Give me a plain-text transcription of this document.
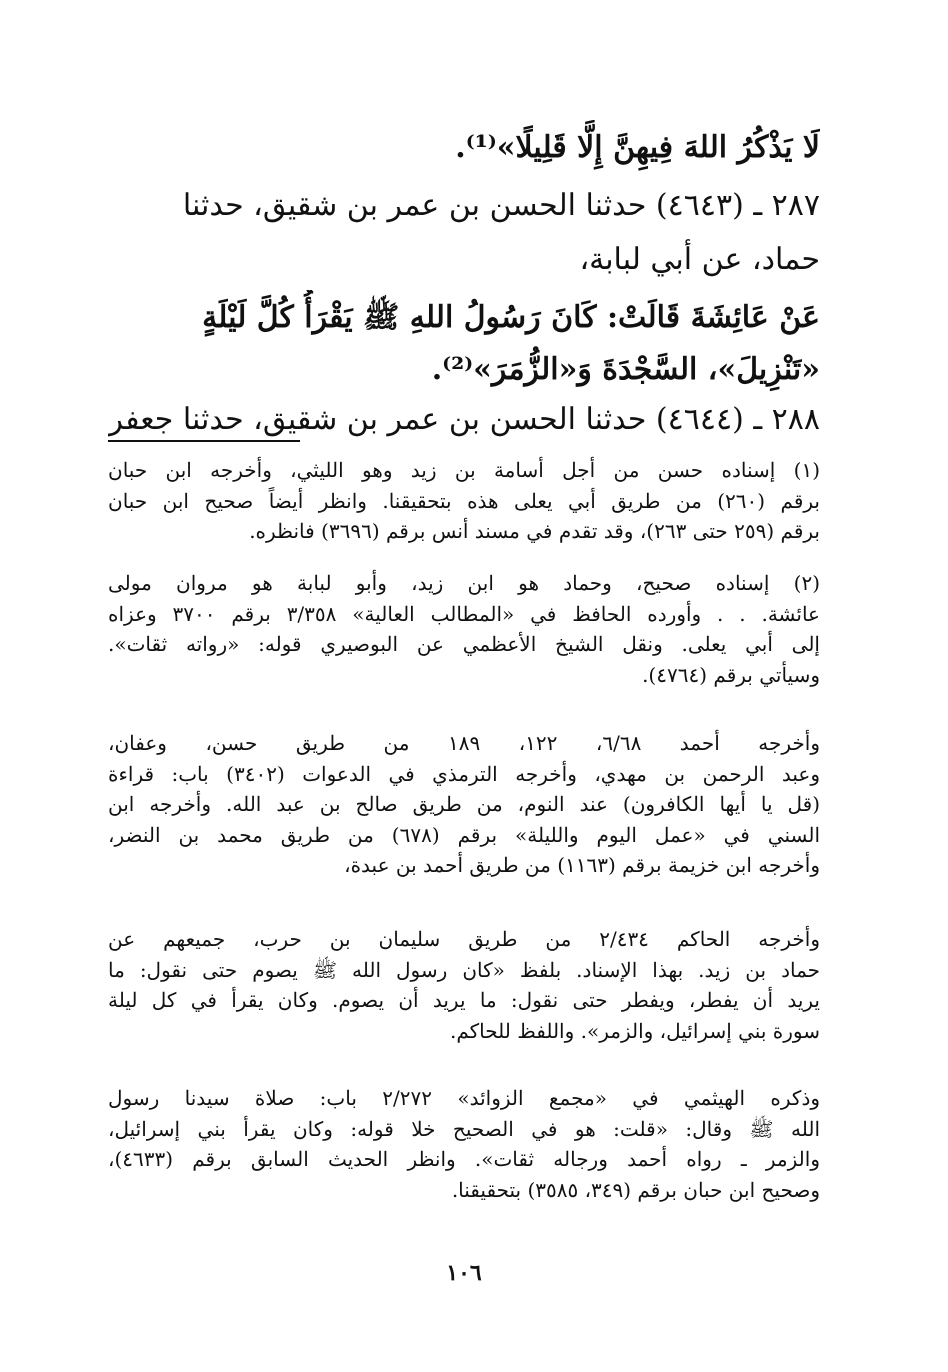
لَا يَذْكُرُ اللهَ فِيهِنَّ إِلَّا قَلِيلًا»⁽¹⁾.

٢٨٧ ـ (٤٦٤٣) حدثنا الحسن بن عمر بن شقيق، حدثنا

حماد، عن أبي لبابة،

عَنْ عَائِشَةَ قَالَتْ: كَانَ رَسُولُ اللهِ ﷺ يَقْرَأُ كُلَّ لَيْلَةٍ

«تَنْزِيلَ»، السَّجْدَةَ وَ«الزُّمَرَ»⁽²⁾.

٢٨٨ ـ (٤٦٤٤) حدثنا الحسن بن عمر بن شقيق، حدثنا جعفر

(١) إسناده حسن من أجل أسامة بن زيد وهو الليثي، وأخرجه ابن حبان

برقم (٢٦٠) من طريق أبي يعلى هذه بتحقيقنا. وانظر أيضاً صحيح ابن حبان

برقم (٢٥٩ حتى ٢٦٣)، وقد تقدم في مسند أنس برقم (٣٦٩٦) فانظره.

(٢) إسناده صحيح، وحماد هو ابن زيد، وأبو لبابة هو مروان مولى

عائشة. . . وأورده الحافظ في «المطالب العالية» ٣/٣٥٨ برقم ٣٧٠٠ وعزاه

إلى أبي يعلى. ونقل الشيخ الأعظمي عن البوصيري قوله: «رواته ثقات».

وسيأتي برقم (٤٧٦٤).

وأخرجه أحمد ٦/٦٨، ١٢٢، ١٨٩ من طريق حسن، وعفان،

وعبد الرحمن بن مهدي، وأخرجه الترمذي في الدعوات (٣٤٠٢) باب: قراءة

(قل يا أيها الكافرون) عند النوم، من طريق صالح بن عبد الله. وأخرجه ابن

السني في «عمل اليوم والليلة» برقم (٦٧٨) من طريق محمد بن النضر،

وأخرجه ابن خزيمة برقم (١١٦٣) من طريق أحمد بن عبدة،

وأخرجه الحاكم ٢/٤٣٤ من طريق سليمان بن حرب، جميعهم عن

حماد بن زيد. بهذا الإسناد. بلفظ «كان رسول الله ﷺ يصوم حتى نقول: ما

يريد أن يفطر، ويفطر حتى نقول: ما يريد أن يصوم. وكان يقرأ في كل ليلة

سورة بني إسرائيل، والزمر». واللفظ للحاكم.

وذكره الهيثمي في «مجمع الزوائد» ٢/٢٧٢ باب: صلاة سيدنا رسول

الله ﷺ وقال: «قلت: هو في الصحيح خلا قوله: وكان يقرأ بني إسرائيل،

والزمر ـ رواه أحمد ورجاله ثقات». وانظر الحديث السابق برقم (٤٦٣٣)،

وصحيح ابن حبان برقم (٣٤٩، ٣٥٨٥) بتحقيقنا.

١٠٦
